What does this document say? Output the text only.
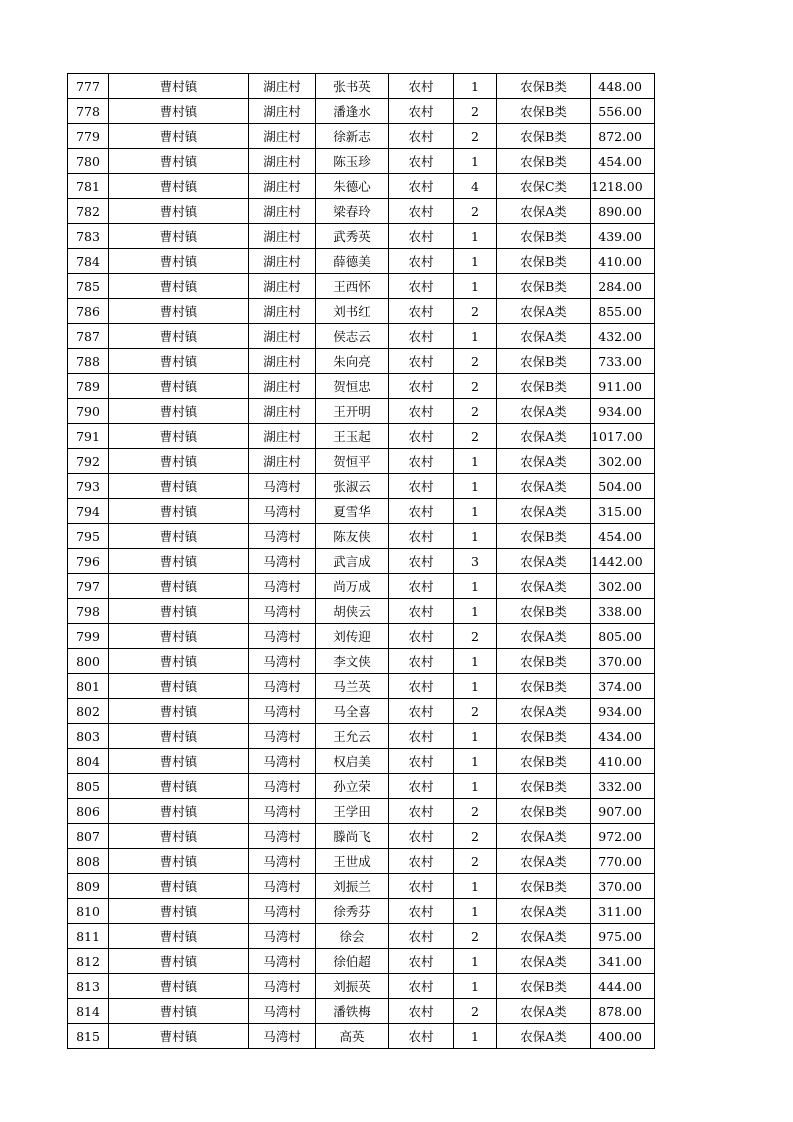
777	曹村镇	湖庄村	张书英	农村	1	农保B类	448.00
778	曹村镇	湖庄村	潘逢水	农村	2	农保B类	556.00
779	曹村镇	湖庄村	徐新志	农村	2	农保B类	872.00
780	曹村镇	湖庄村	陈玉珍	农村	1	农保B类	454.00
781	曹村镇	湖庄村	朱德心	农村	4	农保C类	1218.00
782	曹村镇	湖庄村	梁春玲	农村	2	农保A类	890.00
783	曹村镇	湖庄村	武秀英	农村	1	农保B类	439.00
784	曹村镇	湖庄村	薛德美	农村	1	农保B类	410.00
785	曹村镇	湖庄村	王西怀	农村	1	农保B类	284.00
786	曹村镇	湖庄村	刘书红	农村	2	农保A类	855.00
787	曹村镇	湖庄村	侯志云	农村	1	农保A类	432.00
788	曹村镇	湖庄村	朱向亮	农村	2	农保B类	733.00
789	曹村镇	湖庄村	贺恒忠	农村	2	农保B类	911.00
790	曹村镇	湖庄村	王开明	农村	2	农保A类	934.00
791	曹村镇	湖庄村	王玉起	农村	2	农保A类	1017.00
792	曹村镇	湖庄村	贺恒平	农村	1	农保A类	302.00
793	曹村镇	马湾村	张淑云	农村	1	农保A类	504.00
794	曹村镇	马湾村	夏雪华	农村	1	农保A类	315.00
795	曹村镇	马湾村	陈友侠	农村	1	农保B类	454.00
796	曹村镇	马湾村	武言成	农村	3	农保A类	1442.00
797	曹村镇	马湾村	尚万成	农村	1	农保A类	302.00
798	曹村镇	马湾村	胡侠云	农村	1	农保B类	338.00
799	曹村镇	马湾村	刘传迎	农村	2	农保A类	805.00
800	曹村镇	马湾村	李文侠	农村	1	农保B类	370.00
801	曹村镇	马湾村	马兰英	农村	1	农保B类	374.00
802	曹村镇	马湾村	马全喜	农村	2	农保A类	934.00
803	曹村镇	马湾村	王允云	农村	1	农保B类	434.00
804	曹村镇	马湾村	权启美	农村	1	农保B类	410.00
805	曹村镇	马湾村	孙立荣	农村	1	农保B类	332.00
806	曹村镇	马湾村	王学田	农村	2	农保B类	907.00
807	曹村镇	马湾村	滕尚飞	农村	2	农保A类	972.00
808	曹村镇	马湾村	王世成	农村	2	农保A类	770.00
809	曹村镇	马湾村	刘振兰	农村	1	农保B类	370.00
810	曹村镇	马湾村	徐秀芬	农村	1	农保A类	311.00
811	曹村镇	马湾村	徐会	农村	2	农保A类	975.00
812	曹村镇	马湾村	徐伯超	农村	1	农保A类	341.00
813	曹村镇	马湾村	刘振英	农村	1	农保B类	444.00
814	曹村镇	马湾村	潘铁梅	农村	2	农保A类	878.00
815	曹村镇	马湾村	高英	农村	1	农保A类	400.00
